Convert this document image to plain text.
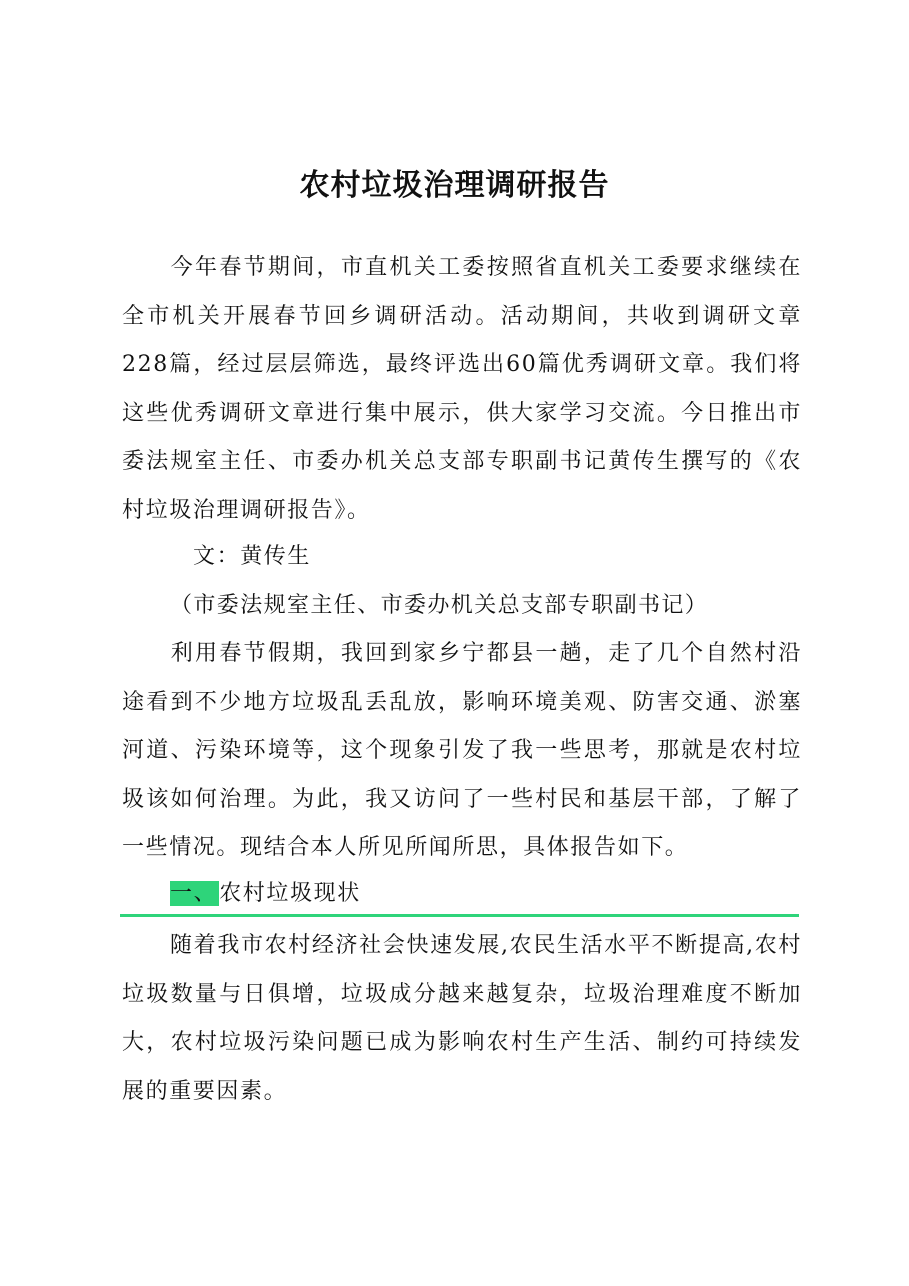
农村垃圾治理调研报告

今年春节期间，市直机关工委按照省直机关工委要求继续在全市机关开展春节回乡调研活动。活动期间，共收到调研文章228篇，经过层层筛选，最终评选出60篇优秀调研文章。我们将这些优秀调研文章进行集中展示，供大家学习交流。今日推出市委法规室主任、市委办机关总支部专职副书记黄传生撰写的《农村垃圾治理调研报告》。

文：黄传生
（市委法规室主任、市委办机关总支部专职副书记）

利用春节假期，我回到家乡宁都县一趟，走了几个自然村沿途看到不少地方垃圾乱丢乱放，影响环境美观、防害交通、淤塞河道、污染环境等，这个现象引发了我一些思考，那就是农村垃圾该如何治理。为此，我又访问了一些村民和基层干部，了解了一些情况。现结合本人所见所闻所思，具体报告如下。

一、农村垃圾现状

随着我市农村经济社会快速发展,农民生活水平不断提高,农村垃圾数量与日俱增，垃圾成分越来越复杂，垃圾治理难度不断加大，农村垃圾污染问题已成为影响农村生产生活、制约可持续发展的重要因素。
